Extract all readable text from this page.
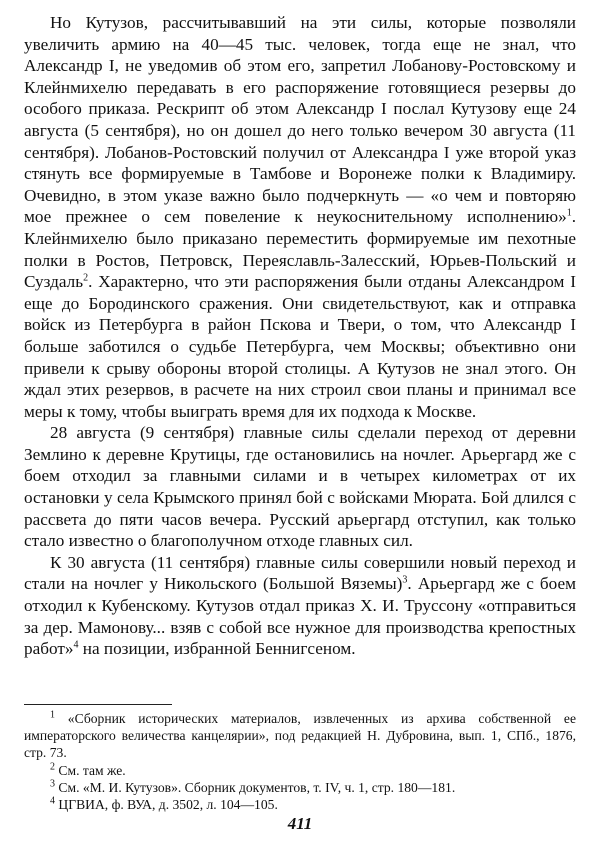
Но Кутузов, рассчитывавший на эти силы, которые позволяли увеличить армию на 40—45 тыс. человек, тогда еще не знал, что Александр I, не уведомив об этом его, запретил Лобанову-Ростовскому и Клейнмихелю передавать в его распоряжение готовящиеся резервы до особого приказа. Рескрипт об этом Александр I послал Кутузову еще 24 августа (5 сентября), но он дошел до него только вечером 30 августа (11 сентября). Лобанов-Ростовский получил от Александра I уже второй указ стянуть все формируемые в Тамбове и Воронеже полки к Владимиру. Очевидно, в этом указе важно было подчеркнуть — «о чем и повторяю мое прежнее о сем повеление к неукоснительному исполнению»$^1$. Клейнмихелю было приказано переместить формируемые им пехотные полки в Ростов, Петровск, Переяславль-Залесский, Юрьев-Польский и Суздаль$^2$. Характерно, что эти распоряжения были отданы Александром I еще до Бородинского сражения. Они свидетельствуют, как и отправка войск из Петербурга в район Пскова и Твери, о том, что Александр I больше заботился о судьбе Петербурга, чем Москвы; объективно они привели к срыву обороны второй столицы. А Кутузов не знал этого. Он ждал этих резервов, в расчете на них строил свои планы и принимал все меры к тому, чтобы выиграть время для их подхода к Москве.

28 августа (9 сентября) главные силы сделали переход от деревни Землино к деревне Крутицы, где остановились на ночлег. Арьергард же с боем отходил за главными силами и в четырех километрах от их остановки у села Крымского принял бой с войсками Мюрата. Бой длился с рассвета до пяти часов вечера. Русский арьергард отступил, как только стало известно о благополучном отходе главных сил.

К 30 августа (11 сентября) главные силы совершили новый переход и стали на ночлег у Никольского (Большой Вяземы)$^3$. Арьергард же с боем отходил к Кубенскому. Кутузов отдал приказ Х. И. Труссону «отправиться за дер. Мамонову... взяв с собой все нужное для производства крепостных работ»$^4$ на позиции, избранной Беннигсеном.

$^1$ «Сборник исторических материалов, извлеченных из архива собственной ее императорского величества канцелярии», под редакцией Н. Дубровина, вып. 1, СПб., 1876, стр. 73.

$^2$ См. там же.

$^3$ См. «М. И. Кутузов». Сборник документов, т. IV, ч. 1, стр. 180—181.

$^4$ ЦГВИА, ф. ВУА, д. 3502, л. 104—105.

411
